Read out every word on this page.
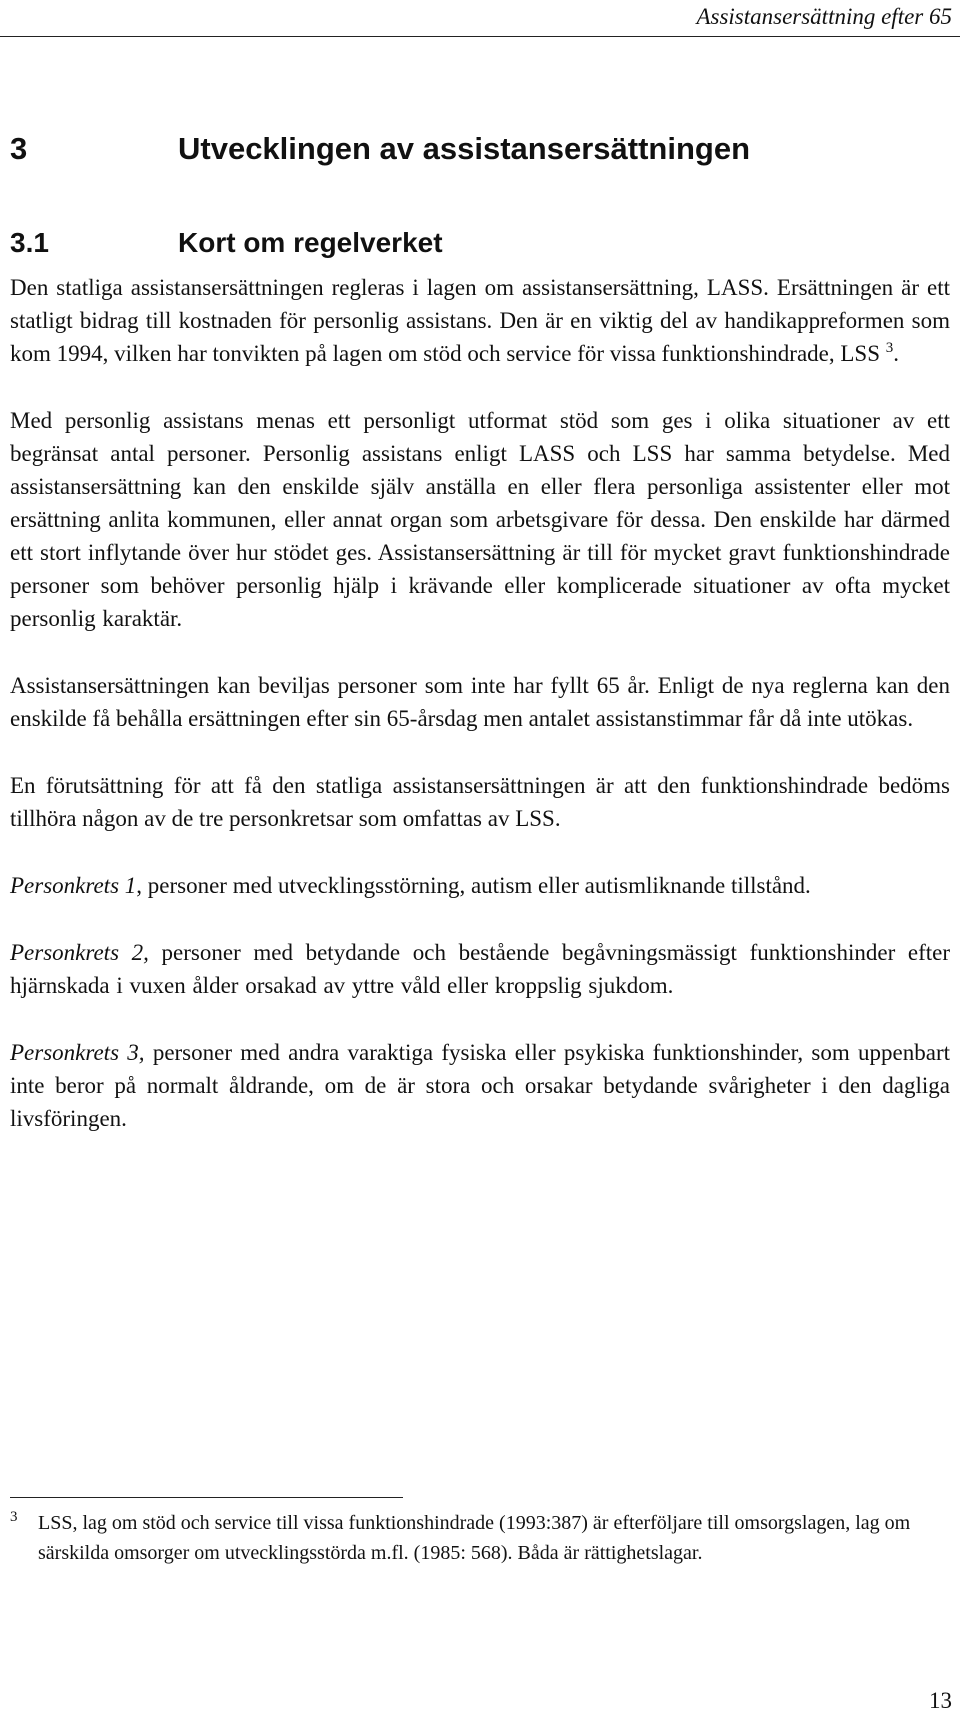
Assistansersättning efter 65
3	Utvecklingen av assistansersättningen
3.1	Kort om regelverket

Den statliga assistansersättningen regleras i lagen om assistansersättning, LASS. Ersättningen är ett statligt bidrag till kostnaden för personlig assistans. Den är en viktig del av handikappreformen som kom 1994, vilken har tonvikten på lagen om stöd och service för vissa funktionshindrade, LSS $^3$.

Med personlig assistans menas ett personligt utformat stöd som ges i olika situationer av ett begränsat antal personer. Personlig assistans enligt LASS och LSS har samma betydelse. Med assistansersättning kan den enskilde själv anställa en eller flera personliga assistenter eller mot ersättning anlita kommunen, eller annat organ som arbetsgivare för dessa. Den enskilde har därmed ett stort inflytande över hur stödet ges. Assistansersättning är till för mycket gravt funktionshindrade personer som behöver personlig hjälp i krävande eller komplicerade situationer av ofta mycket personlig karaktär.

Assistansersättningen kan beviljas personer som inte har fyllt 65 år. Enligt de nya reglerna kan den enskilde få behålla ersättningen efter sin 65-årsdag men antalet assistanstimmar får då inte utökas.

En förutsättning för att få den statliga assistansersättningen är att den funktionshindrade bedöms tillhöra någon av de tre personkretsar som omfattas av LSS.

Personkrets 1, personer med utvecklingsstörning, autism eller autismliknande tillstånd.

Personkrets 2, personer med betydande och bestående begåvningsmässigt funktionshinder efter hjärnskada i vuxen ålder orsakad av yttre våld eller kroppslig sjukdom.

Personkrets 3, personer med andra varaktiga fysiska eller psykiska funktionshinder, som uppenbart inte beror på normalt åldrande, om de är stora och orsakar betydande svårigheter i den dagliga livsföringen.

3 LSS, lag om stöd och service till vissa funktionshindrade (1993:387) är efterföljare till omsorgslagen, lag om särskilda omsorger om utvecklingsstörda m.fl. (1985: 568). Båda är rättighetslagar.
13
